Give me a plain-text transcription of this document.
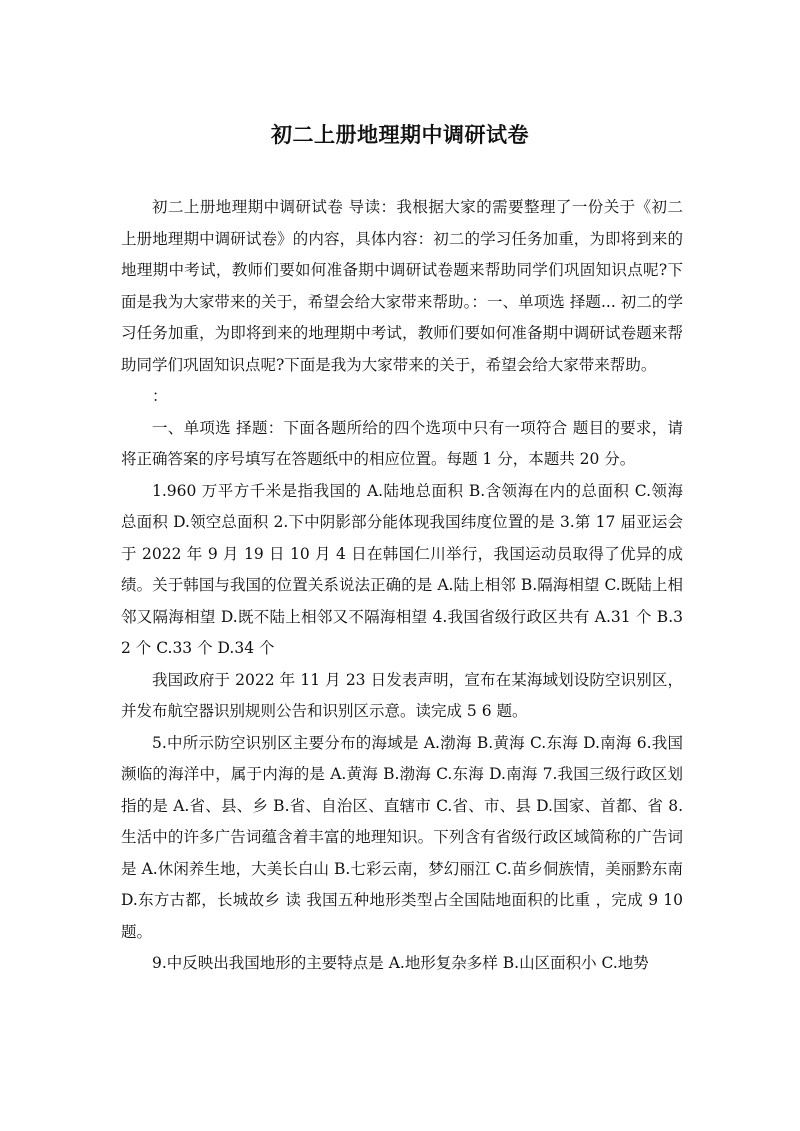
初二上册地理期中调研试卷

初二上册地理期中调研试卷 导读：我根据大家的需要整理了一份关于《初二上册地理期中调研试卷》的内容，具体内容：初二的学习任务加重，为即将到来的地理期中考试，教师们要如何准备期中调研试卷题来帮助同学们巩固知识点呢?下面是我为大家带来的关于，希望会给大家带来帮助。：一、单项选 择题... 初二的学习任务加重，为即将到来的地理期中考试，教师们要如何准备期中调研试卷题来帮助同学们巩固知识点呢?下面是我为大家带来的关于，希望会给大家带来帮助。

：

一、单项选 择题：下面各题所给的四个选项中只有一项符合 题目的要求，请将正确答案的序号填写在答题纸中的相应位置。每题 1 分，本题共 20 分。

1.960 万平方千米是指我国的 A.陆地总面积 B.含领海在内的总面积 C.领海总面积 D.领空总面积 2.下中阴影部分能体现我国纬度位置的是 3.第 17 届亚运会于 2022 年 9 月 19 日 10 月 4 日在韩国仁川举行，我国运动员取得了优异的成绩。关于韩国与我国的位置关系说法正确的是 A.陆上相邻 B.隔海相望 C.既陆上相邻又隔海相望 D.既不陆上相邻又不隔海相望 4.我国省级行政区共有 A.31 个 B.32 个 C.33 个 D.34 个

我国政府于 2022 年 11 月 23 日发表声明，宣布在某海域划设防空识别区，并发布航空器识别规则公告和识别区示意。读完成 5 6 题。

5.中所示防空识别区主要分布的海域是 A.渤海 B.黄海 C.东海 D.南海 6.我国濒临的海洋中，属于内海的是 A.黄海 B.渤海 C.东海 D.南海 7.我国三级行政区划指的是 A.省、县、乡 B.省、自治区、直辖市 C.省、市、县 D.国家、首都、省 8.生活中的许多广告词蕴含着丰富的地理知识。下列含有省级行政区域简称的广告词是 A.休闲养生地，大美长白山 B.七彩云南，梦幻丽江 C.苗乡侗族情，美丽黔东南 D.东方古都，长城故乡 读 我国五种地形类型占全国陆地面积的比重 ，完成 9 10 题。

9.中反映出我国地形的主要特点是 A.地形复杂多样 B.山区面积小 C.地势
